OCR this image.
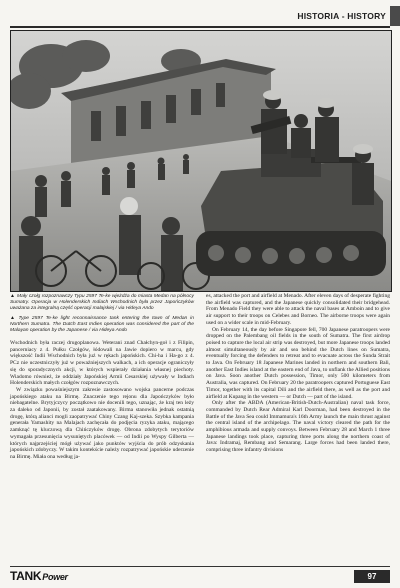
HISTORIA - HISTORY

▲ Mały czołg rozpoznawczy Typu 2597 Te-ke wjeżdża do miasta Medan na północy Sumatry. Operacja w Holenderskich Indiach Wschodnich była przez Japończyków uważana za integralną część operacji malajskiej / via Hideya Ando

▲ Type 2597 Te-ke light reconnaissance tank entering the town of Medan in Northern Sumatra. The Dutch East Indies operation was considered the part of the Malayan operation by the Japanese / via Hideya Ando

Wschodnich była raczej drugoplanowa. Weterani znad Chałchyn-goł i z Filipin, pancerniacy z 4. Pułku Czołgów, łódowali na Jawie dopiero w marcu, gdy większość Indii Wschodnich była już w rękach japońskich. Chi-ha i Ha-go z 4. PCz nie uczestniczyły już w poważniejszych walkach, a ich operacje ograniczyły się do sporadycznych akcji, w których wspierały działania własnej piechoty. Wiadomo również, że oddziały Japońskiej Armii Cesarskiej używały w Indiach Holenderskich małych czołgów rozpoznawczych.

W związku powaśniejszym zakresie zastosowano wojska pancerne podczas japońskiego ataku na Birmę. Znaczenie tego rejonu dla Japończyków było niebagatelne. Brytyjczycy początkowo nie docenili tego, uznając, że kraj ten leży za daleko od Japonii, by został zaatakowany. Birma stanowiła jednak ostatnią drogę, którą alianci mogli zaopatrywać Chiny Czang Kaj-szeka. Szybka kampania generała Yamashity na Malajach zachęcała do podjęcia ryzyka ataku, mającego zamknąć tę kluczową dla Chińczyków drogę. Obrona zdobytych terytoriów wymagała przesunięcia wysuniętych placówek — od Indii po Wyspy Gilberta — których najprzejściej mógł używać jako punktów wyjścia do prób odzyskania japońskich zdobyczy. W takim kontekście należy rozpatrywać japońskie uderzenie na Birmę. Miała ona według ja-

es, attacked the port and airfield at Menado. After eleven days of desperate fighting the airfield was captured, and the Japanese quickly consolidated their bridgehead. From Menado Field they were able to attack the naval bases at Amboin and to give air support to their troops on Celebes and Borneo. The airborne troops were again used on a wider scale in mid-February.

On February 14, the day before Singapore fell, 700 Japanese paratroopers were dropped on the Palembang oil fields in the south of Sumatra. The first airdrop poised to capture the local air strip was destroyed, but more Japanese troops landed almost simultaneously by air and sea behind the Dutch lines on Sumatra, eventually forcing the defenders to retreat and to evacuate across the Sunda Strait to Java. On February 18 Japanese Marines landed in northern and southern Bali, another East Indies island at the eastern end of Java, to unflank the Allied positions on Java. Soon another Dutch possession, Timor, only 500 kilometers from Australia, was captured. On February 20 the paratroopers captured Portuguese East Timor, together with its capital Dili and the airfield there, as well as the port and airfield at Kupang in the western — or Dutch — part of the island.

Only after the ABDA (American-British-Dutch-Australian) naval task force, commanded by Dutch Rear Admiral Karl Doorman, had been destroyed in the Battle of the Java Sea could Immamura's 16th Army launch the main thrust against the central island of the archipelago. The naval victory cleared the path for the amphibious armada and supply convoys. Between February 28 and March 1 three Japanese landings took place, capturing three ports along the northern coast of Java: Indramaj, Rembang and Semarang. Large forces had been landed there, comprising three infantry divisions

TANKPower	97
